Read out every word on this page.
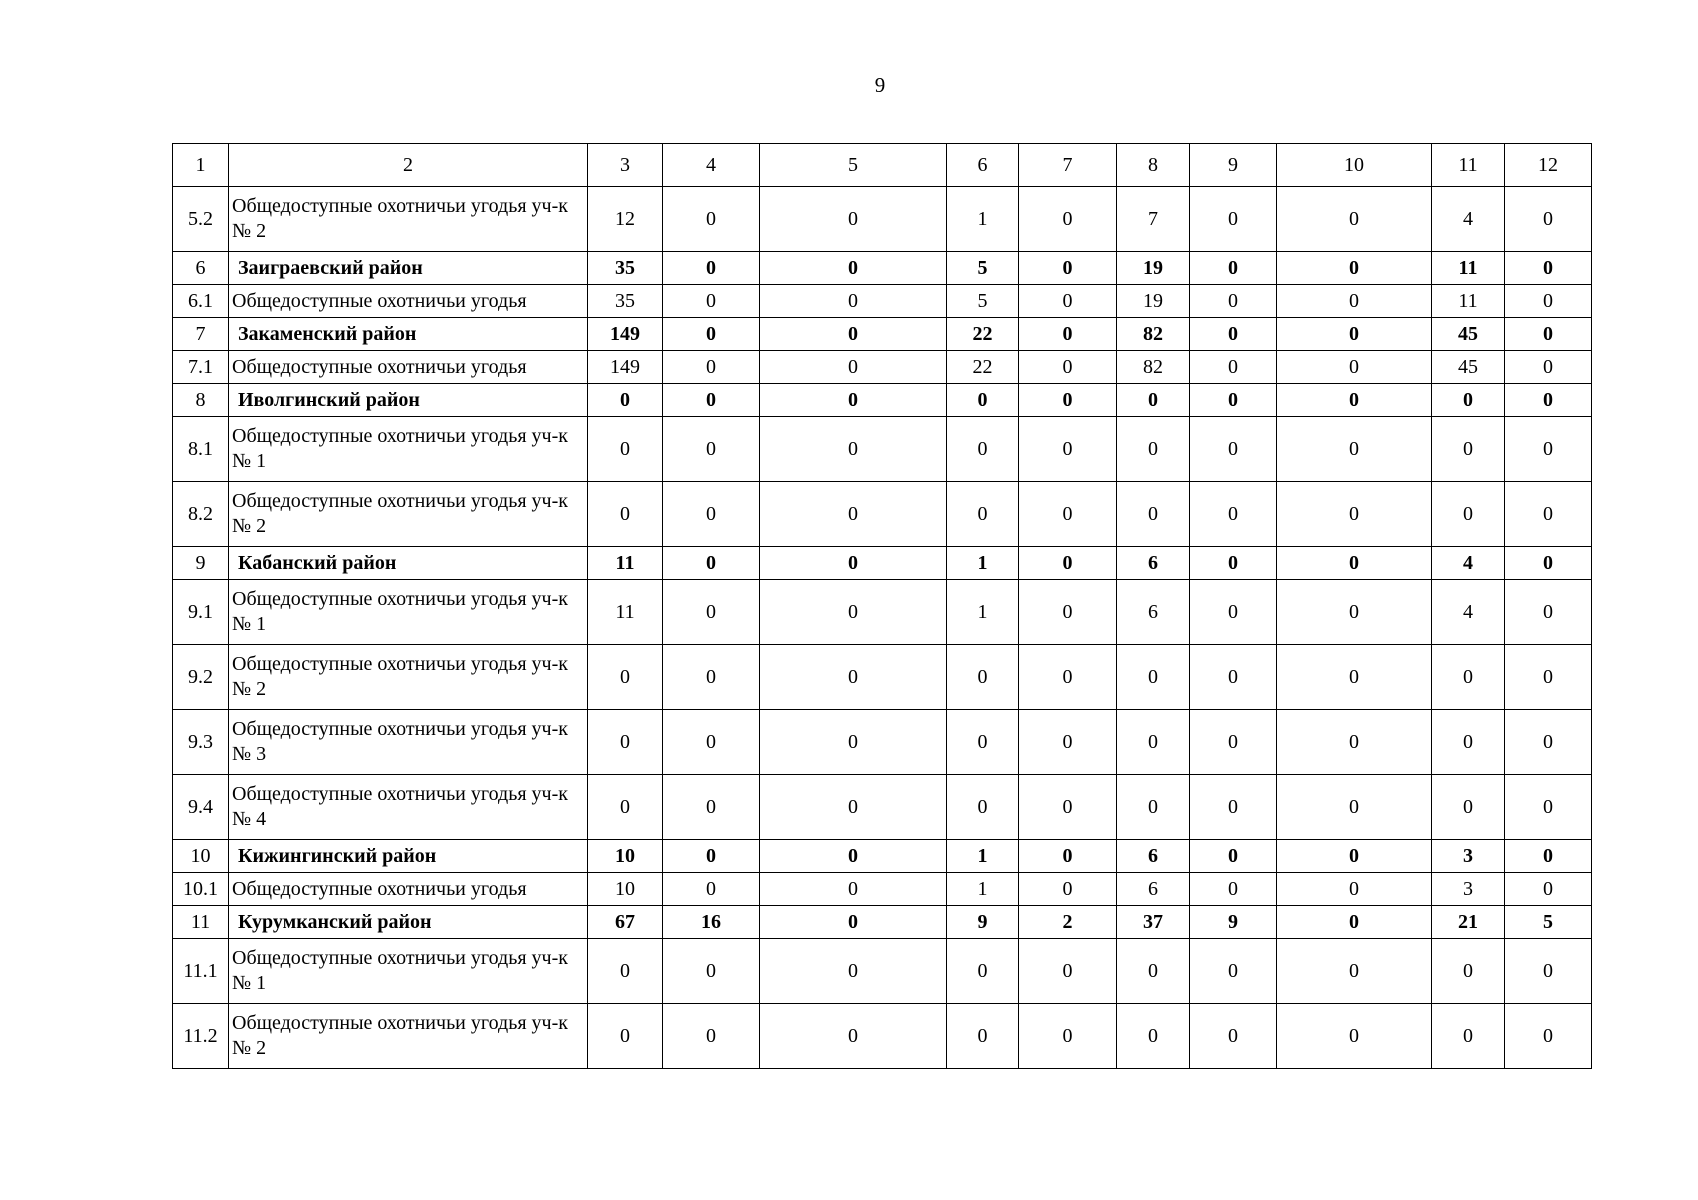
9
1	2	3	4	5	6	7	8	9	10	11	12
5.2	Общедоступные охотничьи угодья уч-к № 2	12	0	0	1	0	7	0	0	4	0
6	Заиграевский район	35	0	0	5	0	19	0	0	11	0
6.1	Общедоступные охотничьи угодья	35	0	0	5	0	19	0	0	11	0
7	Закаменский район	149	0	0	22	0	82	0	0	45	0
7.1	Общедоступные охотничьи угодья	149	0	0	22	0	82	0	0	45	0
8	Иволгинский район	0	0	0	0	0	0	0	0	0	0
8.1	Общедоступные охотничьи угодья уч-к № 1	0	0	0	0	0	0	0	0	0	0
8.2	Общедоступные охотничьи угодья уч-к № 2	0	0	0	0	0	0	0	0	0	0
9	Кабанский район	11	0	0	1	0	6	0	0	4	0
9.1	Общедоступные охотничьи угодья уч-к № 1	11	0	0	1	0	6	0	0	4	0
9.2	Общедоступные охотничьи угодья уч-к № 2	0	0	0	0	0	0	0	0	0	0
9.3	Общедоступные охотничьи угодья уч-к № 3	0	0	0	0	0	0	0	0	0	0
9.4	Общедоступные охотничьи угодья уч-к № 4	0	0	0	0	0	0	0	0	0	0
10	Кижингинский район	10	0	0	1	0	6	0	0	3	0
10.1	Общедоступные охотничьи угодья	10	0	0	1	0	6	0	0	3	0
11	Курумканский район	67	16	0	9	2	37	9	0	21	5
11.1	Общедоступные охотничьи угодья уч-к № 1	0	0	0	0	0	0	0	0	0	0
11.2	Общедоступные охотничьи угодья уч-к № 2	0	0	0	0	0	0	0	0	0	0
